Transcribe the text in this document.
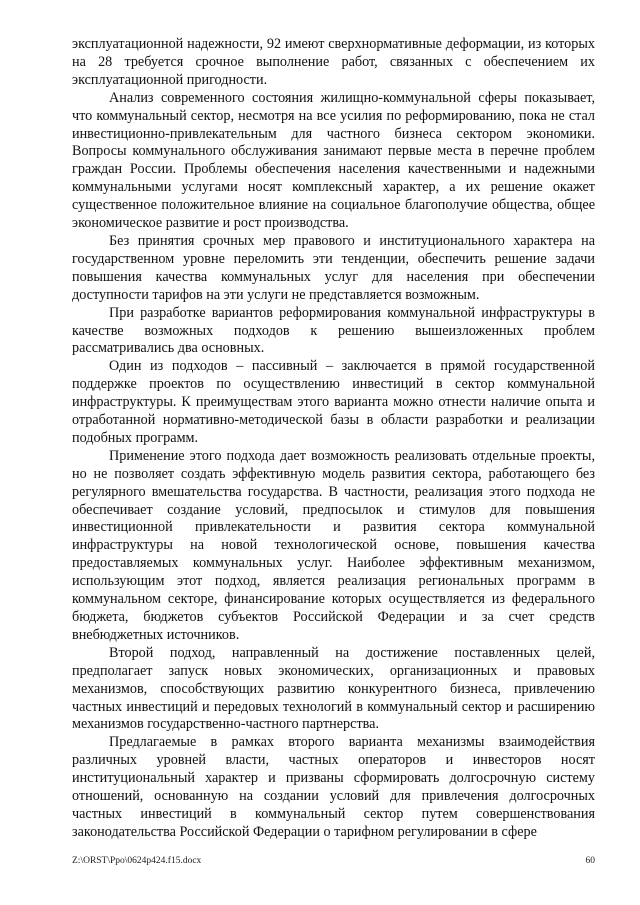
эксплуатационной надежности, 92 имеют сверхнормативные деформации, из которых на 28 требуется срочное выполнение работ, связанных с обеспечением их эксплуатационной пригодности.

Анализ современного состояния жилищно-коммунальной сферы показывает, что коммунальный сектор, несмотря на все усилия по реформированию, пока не стал инвестиционно-привлекательным для частного бизнеса сектором экономики. Вопросы коммунального обслуживания занимают первые места в перечне проблем граждан России. Проблемы обеспечения населения качественными и надежными коммунальными услугами носят комплексный характер, а их решение окажет существенное положительное влияние на социальное благополучие общества, общее экономическое развитие и рост производства.

Без принятия срочных мер правового и институционального характера на государственном уровне переломить эти тенденции, обеспечить решение задачи повышения качества коммунальных услуг для населения при обеспечении доступности тарифов на эти услуги не представляется возможным.

При разработке вариантов реформирования коммунальной инфраструктуры в качестве возможных подходов к решению вышеизложенных проблем рассматривались два основных.

Один из подходов – пассивный – заключается в прямой государственной поддержке проектов по осуществлению инвестиций в сектор коммунальной инфраструктуры. К преимуществам этого варианта можно отнести наличие опыта и отработанной нормативно-методической базы в области разработки и реализации подобных программ.

Применение этого подхода дает возможность реализовать отдельные проекты, но не позволяет создать эффективную модель развития сектора, работающего без регулярного вмешательства государства. В частности, реализация этого подхода не обеспечивает создание условий, предпосылок и стимулов для повышения инвестиционной привлекательности и развития сектора коммунальной инфраструктуры на новой технологической основе, повышения качества предоставляемых коммунальных услуг. Наиболее эффективным механизмом, использующим этот подход, является реализация региональных программ в коммунальном секторе, финансирование которых осуществляется из федерального бюджета, бюджетов субъектов Российской Федерации и за счет средств внебюджетных источников.

Второй подход, направленный на достижение поставленных целей, предполагает запуск новых экономических, организационных и правовых механизмов, способствующих развитию конкурентного бизнеса, привлечению частных инвестиций и передовых технологий в коммунальный сектор и расширению механизмов государственно-частного партнерства.

Предлагаемые в рамках второго варианта механизмы взаимодействия различных уровней власти, частных операторов и инвесторов носят институциональный характер и призваны сформировать долгосрочную систему отношений, основанную на создании условий для привлечения долгосрочных частных инвестиций в коммунальный сектор путем совершенствования законодательства Российской Федерации о тарифном регулировании в сфере

Z:\ORST\Ppo\0624p424.f15.docx	60
